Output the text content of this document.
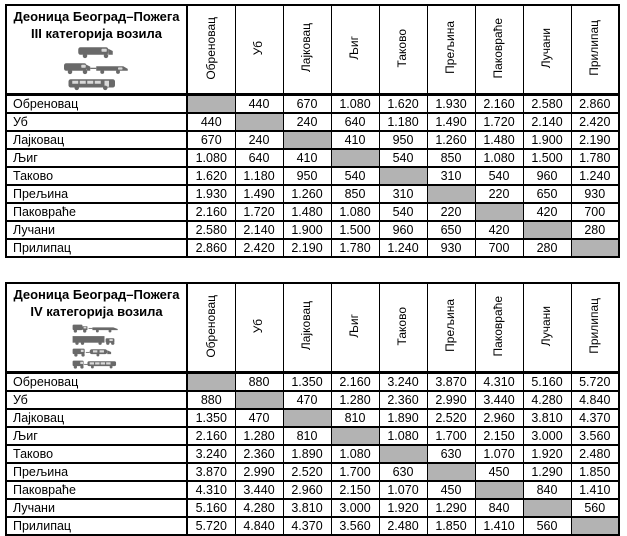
Деоница Београд–Пожега
III категорија возила	Обреновац	Уб	Лајковац	Љиг	Таково	Прељина	Паковраће	Лучани	Прилипац
Обреновац		440	670	1.080	1.620	1.930	2.160	2.580	2.860
Уб	440		240	640	1.180	1.490	1.720	2.140	2.420
Лајковац	670	240		410	950	1.260	1.480	1.900	2.190
Љиг	1.080	640	410		540	850	1.080	1.500	1.780
Таково	1.620	1.180	950	540		310	540	960	1.240
Прељина	1.930	1.490	1.260	850	310		220	650	930
Паковраће	2.160	1.720	1.480	1.080	540	220		420	700
Лучани	2.580	2.140	1.900	1.500	960	650	420		280
Прилипац	2.860	2.420	2.190	1.780	1.240	930	700	280	
Деоница Београд–Пожега
IV категорија возила	Обреновац	Уб	Лајковац	Љиг	Таково	Прељина	Паковраће	Лучани	Прилипац
Обреновац		880	1.350	2.160	3.240	3.870	4.310	5.160	5.720
Уб	880		470	1.280	2.360	2.990	3.440	4.280	4.840
Лајковац	1.350	470		810	1.890	2.520	2.960	3.810	4.370
Љиг	2.160	1.280	810		1.080	1.700	2.150	3.000	3.560
Таково	3.240	2.360	1.890	1.080		630	1.070	1.920	2.480
Прељина	3.870	2.990	2.520	1.700	630		450	1.290	1.850
Паковраће	4.310	3.440	2.960	2.150	1.070	450		840	1.410
Лучани	5.160	4.280	3.810	3.000	1.920	1.290	840		560
Прилипац	5.720	4.840	4.370	3.560	2.480	1.850	1.410	560	
